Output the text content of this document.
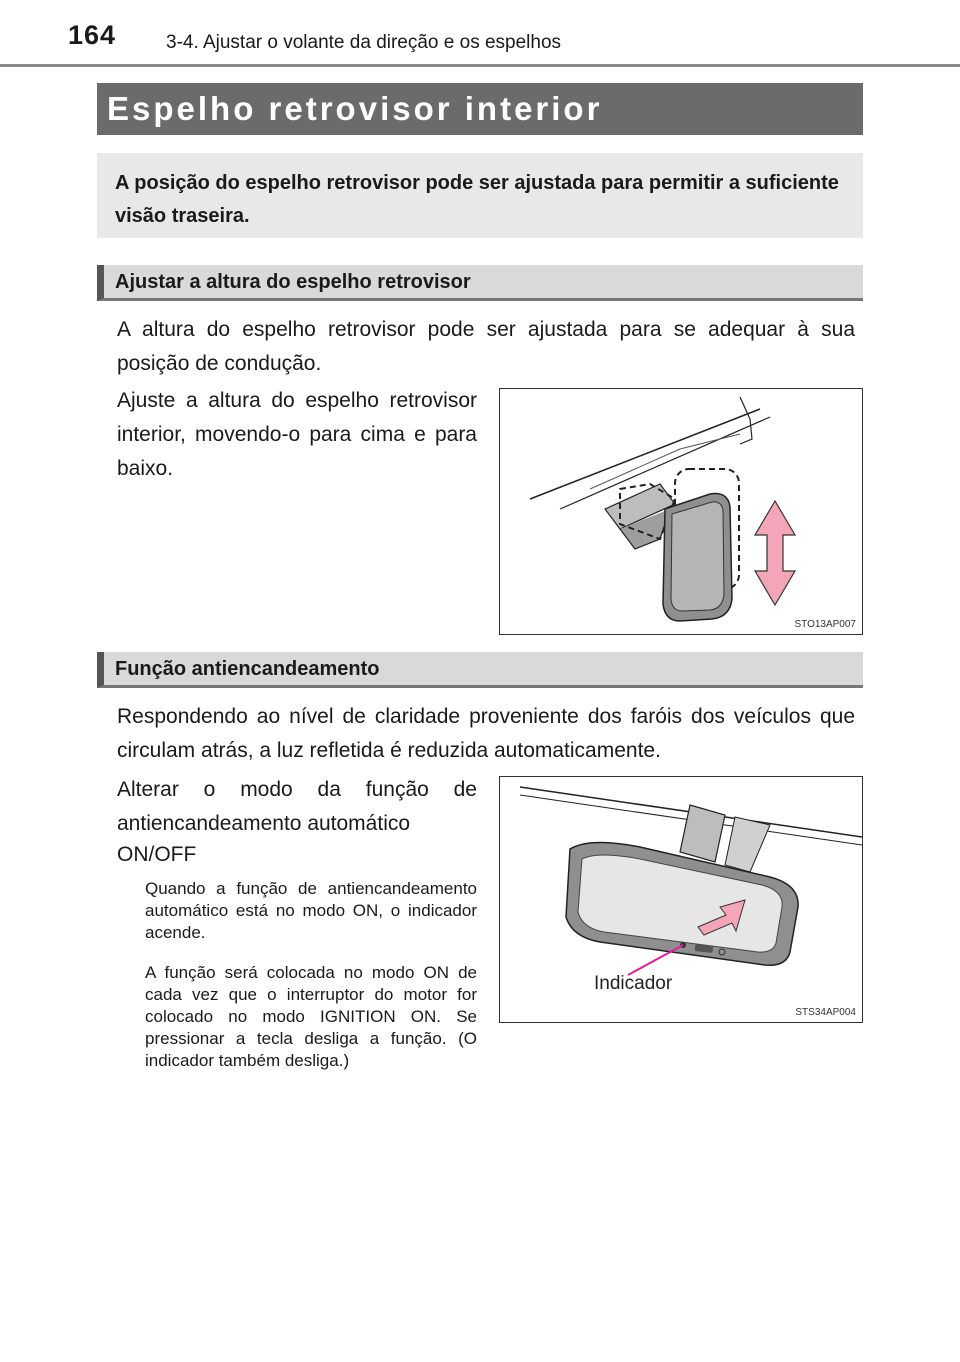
164	3-4. Ajustar o volante da direção e os espelhos
Espelho retrovisor interior
A posição do espelho retrovisor pode ser ajustada para permitir a suficiente visão traseira.
Ajustar a altura do espelho retrovisor
A altura do espelho retrovisor pode ser ajustada para se adequar à sua posição de condução.
Ajuste a altura do espelho retrovisor interior, movendo-o para cima e para baixo.
STO13AP007
Função antiencandeamento
Respondendo ao nível de claridade proveniente dos faróis dos veículos que circulam atrás, a luz refletida é reduzida automaticamente.
Alterar o modo da função de antiencandeamento automático
ON/OFF
Quando a função de antiencandeamento automático está no modo ON, o indicador acende.
A função será colocada no modo ON de cada vez que o interruptor do motor for colocado no modo IGNITION ON. Se pressionar a tecla desliga a função. (O indicador também desliga.)
Indicador
STS34AP004
